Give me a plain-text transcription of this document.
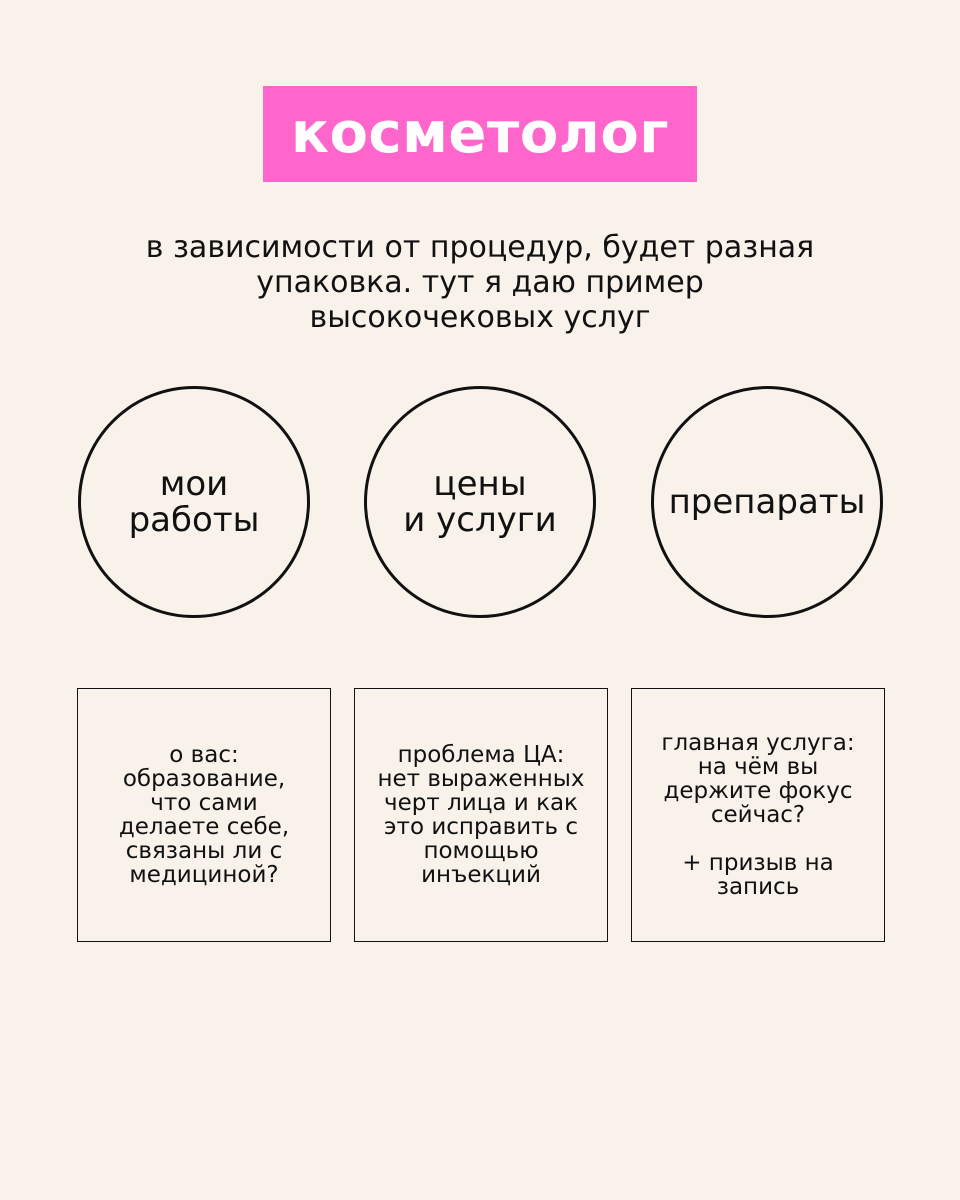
косметолог

в зависимости от процедур, будет разная
упаковка. тут я даю пример
высокочековых услуг

мои
работы
цены
и услуги	препараты
о вас:
образование,
что сами
делаете себе,
связаны ли с
медициной?
проблема ЦА:
нет выраженных
черт лица и как
это исправить с
помощью
инъекций
главная услуга:
на чём вы
держите фокус
сейчас?
+ призыв на
запись
